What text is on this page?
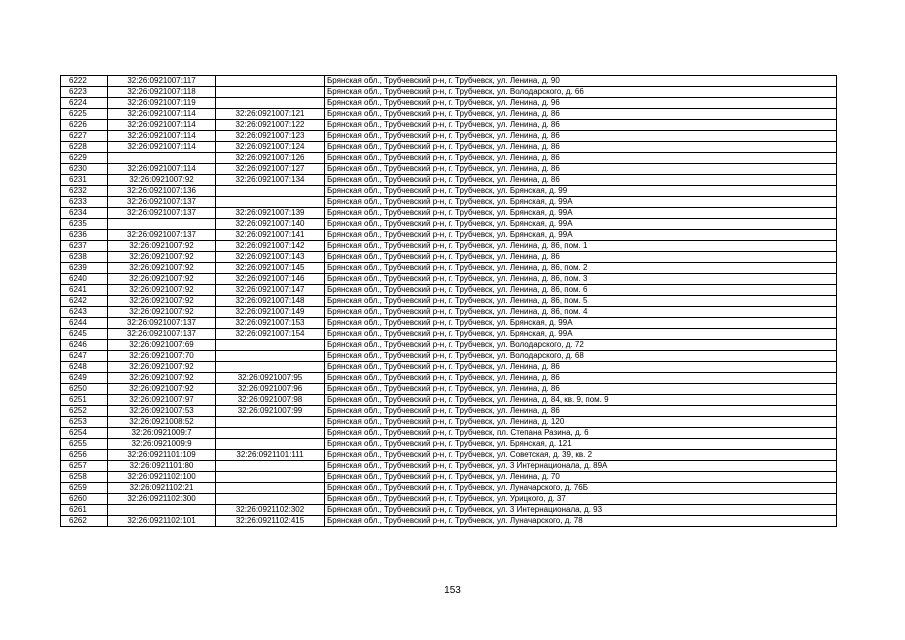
6222	32:26:0921007:117		Брянская обл., Трубчевский р-н, г. Трубчевск, ул. Ленина, д. 90
6223	32:26:0921007:118		Брянская обл., Трубчевский р-н, г. Трубчевск, ул. Володарского, д. 66
6224	32:26:0921007:119		Брянская обл., Трубчевский р-н, г. Трубчевск, ул. Ленина, д. 96
6225	32:26:0921007:114	32:26:0921007:121	Брянская обл., Трубчевский р-н, г. Трубчевск, ул. Ленина, д. 86
6226	32:26:0921007:114	32:26:0921007:122	Брянская обл., Трубчевский р-н, г. Трубчевск, ул. Ленина, д. 86
6227	32:26:0921007:114	32:26:0921007:123	Брянская обл., Трубчевский р-н, г. Трубчевск, ул. Ленина, д. 86
6228	32:26:0921007:114	32:26:0921007:124	Брянская обл., Трубчевский р-н, г. Трубчевск, ул. Ленина, д. 86
6229		32:26:0921007:126	Брянская обл., Трубчевский р-н, г. Трубчевск, ул. Ленина, д. 86
6230	32:26:0921007:114	32:26:0921007:127	Брянская обл., Трубчевский р-н, г. Трубчевск, ул. Ленина, д. 86
6231	32:26:0921007:92	32:26:0921007:134	Брянская обл., Трубчевский р-н, г. Трубчевск, ул. Ленина, д. 86
6232	32:26:0921007:136		Брянская обл., Трубчевский р-н, г. Трубчевск, ул. Брянская, д. 99
6233	32:26:0921007:137		Брянская обл., Трубчевский р-н, г. Трубчевск, ул. Брянская, д. 99А
6234	32:26:0921007:137	32:26:0921007:139	Брянская обл., Трубчевский р-н, г. Трубчевск, ул. Брянская, д. 99А
6235		32:26:0921007:140	Брянская обл., Трубчевский р-н, г. Трубчевск, ул. Брянская, д. 99А
6236	32:26:0921007:137	32:26:0921007:141	Брянская обл., Трубчевский р-н, г. Трубчевск, ул. Брянская, д. 99А
6237	32:26:0921007:92	32:26:0921007:142	Брянская обл., Трубчевский р-н, г. Трубчевск, ул. Ленина, д. 86, пом. 1
6238	32:26:0921007:92	32:26:0921007:143	Брянская обл., Трубчевский р-н, г. Трубчевск, ул. Ленина, д. 86
6239	32:26:0921007:92	32:26:0921007:145	Брянская обл., Трубчевский р-н, г. Трубчевск, ул. Ленина, д. 86, пом. 2
6240	32:26:0921007:92	32:26:0921007:146	Брянская обл., Трубчевский р-н, г. Трубчевск, ул. Ленина, д. 86, пом. 3
6241	32:26:0921007:92	32:26:0921007:147	Брянская обл., Трубчевский р-н, г. Трубчевск, ул. Ленина, д. 86, пом. 6
6242	32:26:0921007:92	32:26:0921007:148	Брянская обл., Трубчевский р-н, г. Трубчевск, ул. Ленина, д. 86, пом. 5
6243	32:26:0921007:92	32:26:0921007:149	Брянская обл., Трубчевский р-н, г. Трубчевск, ул. Ленина, д. 86, пом. 4
6244	32:26:0921007:137	32:26:0921007:153	Брянская обл., Трубчевский р-н, г. Трубчевск, ул. Брянская, д. 99А
6245	32:26:0921007:137	32:26:0921007:154	Брянская обл., Трубчевский р-н, г. Трубчевск, ул. Брянская, д. 99А
6246	32:26:0921007:69		Брянская обл., Трубчевский р-н, г. Трубчевск, ул. Володарского, д. 72
6247	32:26:0921007:70		Брянская обл., Трубчевский р-н, г. Трубчевск, ул. Володарского, д. 68
6248	32:26:0921007:92		Брянская обл., Трубчевский р-н, г. Трубчевск, ул. Ленина, д. 86
6249	32:26:0921007:92	32:26:0921007:95	Брянская обл., Трубчевский р-н, г. Трубчевск, ул. Ленина, д. 86
6250	32:26:0921007:92	32:26:0921007:96	Брянская обл., Трубчевский р-н, г. Трубчевск, ул. Ленина, д. 86
6251	32:26:0921007:97	32:26:0921007:98	Брянская обл., Трубчевский р-н, г. Трубчевск, ул. Ленина, д. 84, кв. 9, пом. 9
6252	32:26:0921007:53	32:26:0921007:99	Брянская обл., Трубчевский р-н, г. Трубчевск, ул. Ленина, д. 86
6253	32:26:0921008:52		Брянская обл., Трубчевский р-н, г. Трубчевск, ул. Ленина, д. 120
6254	32:26:0921009:7		Брянская обл., Трубчевский р-н, г. Трубчевск, пл. Степана Разина, д. 6
6255	32:26:0921009:9		Брянская обл., Трубчевский р-н, г. Трубчевск, ул. Брянская, д. 121
6256	32:26:0921101:109	32:26:0921101:111	Брянская обл., Трубчевский р-н, г. Трубчевск, ул. Советская, д. 39, кв. 2
6257	32:26:0921101:80		Брянская обл., Трубчевский р-н, г. Трубчевск, ул. 3 Интернационала, д. 89А
6258	32:26:0921102:100		Брянская обл., Трубчевский р-н, г. Трубчевск, ул. Ленина, д. 70
6259	32:26:0921102:21		Брянская обл., Трубчевский р-н, г. Трубчевск, ул. Луначарского, д. 76Б
6260	32:26:0921102:300		Брянская обл., Трубчевский р-н, г. Трубчевск, ул. Урицкого, д. 37
6261		32:26:0921102:302	Брянская обл., Трубчевский р-н, г. Трубчевск, ул. 3 Интернационала, д. 93
6262	32:26:0921102:101	32:26:0921102:415	Брянская обл., Трубчевский р-н, г. Трубчевск, ул. Луначарского, д. 78
153
